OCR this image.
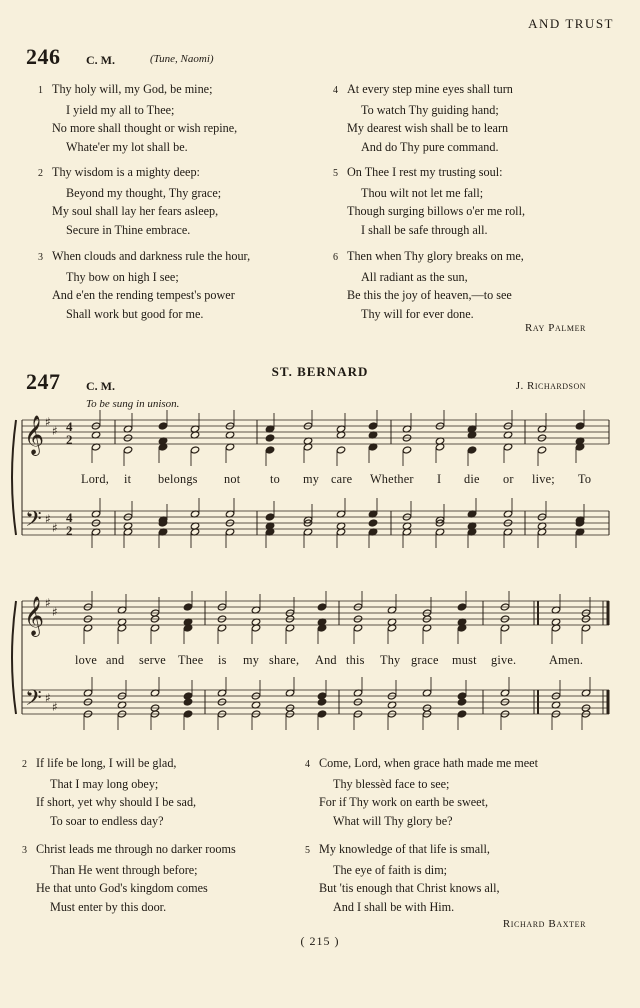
AND TRUST
246 C. M.	(Tune, Naomi)
1 Thy holy will, my God, be mine;
I yield my all to Thee;
No more shall thought or wish repine,
Whate'er my lot shall be.
2 Thy wisdom is a mighty deep:
Beyond my thought, Thy grace;
My soul shall lay her fears asleep,
Secure in Thine embrace.
3 When clouds and darkness rule the hour,
Thy bow on high I see;
And e'en the rending tempest's power
Shall work but good for me.
4 At every step mine eyes shall turn
To watch Thy guiding hand;
My dearest wish shall be to learn
And do Thy pure command.
5 On Thee I rest my trusting soul:
Thou wilt not let me fall;
Though surging billows o'er me roll,
I shall be safe through all.
6 Then when Thy glory breaks on me,
All radiant as the sun,
Be this the joy of heaven,—to see
Thy will for ever done.
Ray Palmer
ST. BERNARD
247 C. M.	J. Richardson
To be sung in unison.
𝄞
𝄢
♯
♯
♯
♯
4
2
4
2
Lord, it belongs not to my care Whether I die or live; To
𝄞
𝄢
♯
♯
♯
♯
love and serve Thee is my share, And this Thy grace must give.	Amen.
2 If life be long, I will be glad,
That I may long obey;
If short, yet why should I be sad,
To soar to endless day?
3 Christ leads me through no darker rooms
Than He went through before;
He that unto God's kingdom comes
Must enter by this door.
4 Come, Lord, when grace hath made me meet
Thy blessèd face to see;
For if Thy work on earth be sweet,
What will Thy glory be?
5 My knowledge of that life is small,
The eye of faith is dim;
But 'tis enough that Christ knows all,
And I shall be with Him.
Richard Baxter
( 215 )
